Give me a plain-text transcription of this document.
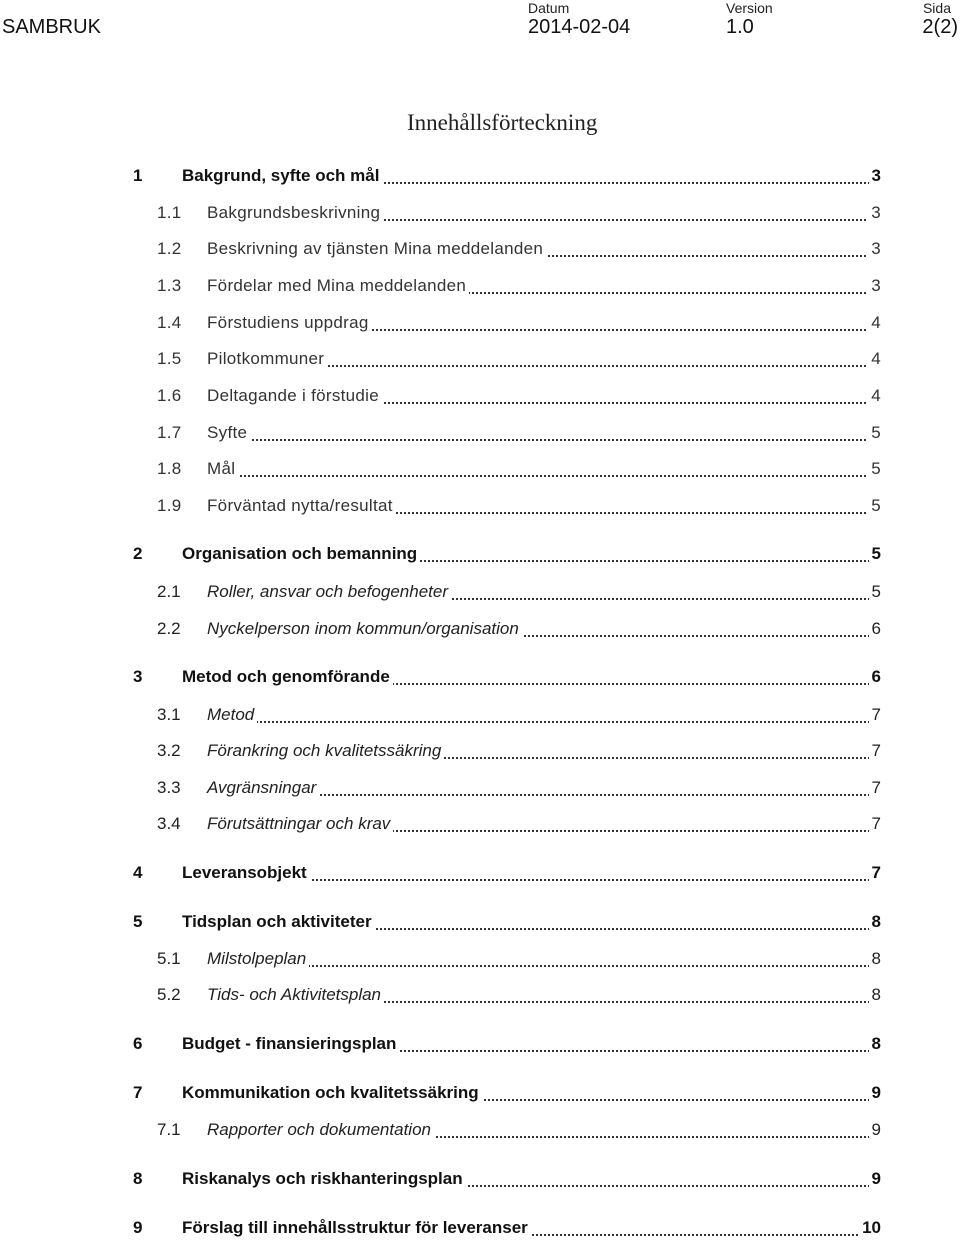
SAMBRUK
Datum
2014-02-04
Version
1.0
Sida
2(2)
Innehållsförteckning
1 Bakgrund, syfte och mål	3
1.1 Bakgrundsbeskrivning	3
1.2 Beskrivning av tjänsten Mina meddelanden	3
1.3 Fördelar med Mina meddelanden	3
1.4 Förstudiens uppdrag	4
1.5 Pilotkommuner	4
1.6 Deltagande i förstudie	4
1.7 Syfte	5
1.8 Mål	5
1.9 Förväntad nytta/resultat	5
2 Organisation och bemanning	5
2.1 Roller, ansvar och befogenheter	5
2.2 Nyckelperson inom kommun/organisation	6
3 Metod och genomförande	6
3.1 Metod	7
3.2 Förankring och kvalitetssäkring	7
3.3 Avgränsningar	7
3.4 Förutsättningar och krav	7
4 Leveransobjekt	7
5 Tidsplan och aktiviteter	8
5.1 Milstolpeplan	8
5.2 Tids- och Aktivitetsplan	8
6 Budget - finansieringsplan	8
7 Kommunikation och kvalitetssäkring	9
7.1 Rapporter och dokumentation	9
8 Riskanalys och riskhanteringsplan	9
9 Förslag till innehållsstruktur för leveranser	10
